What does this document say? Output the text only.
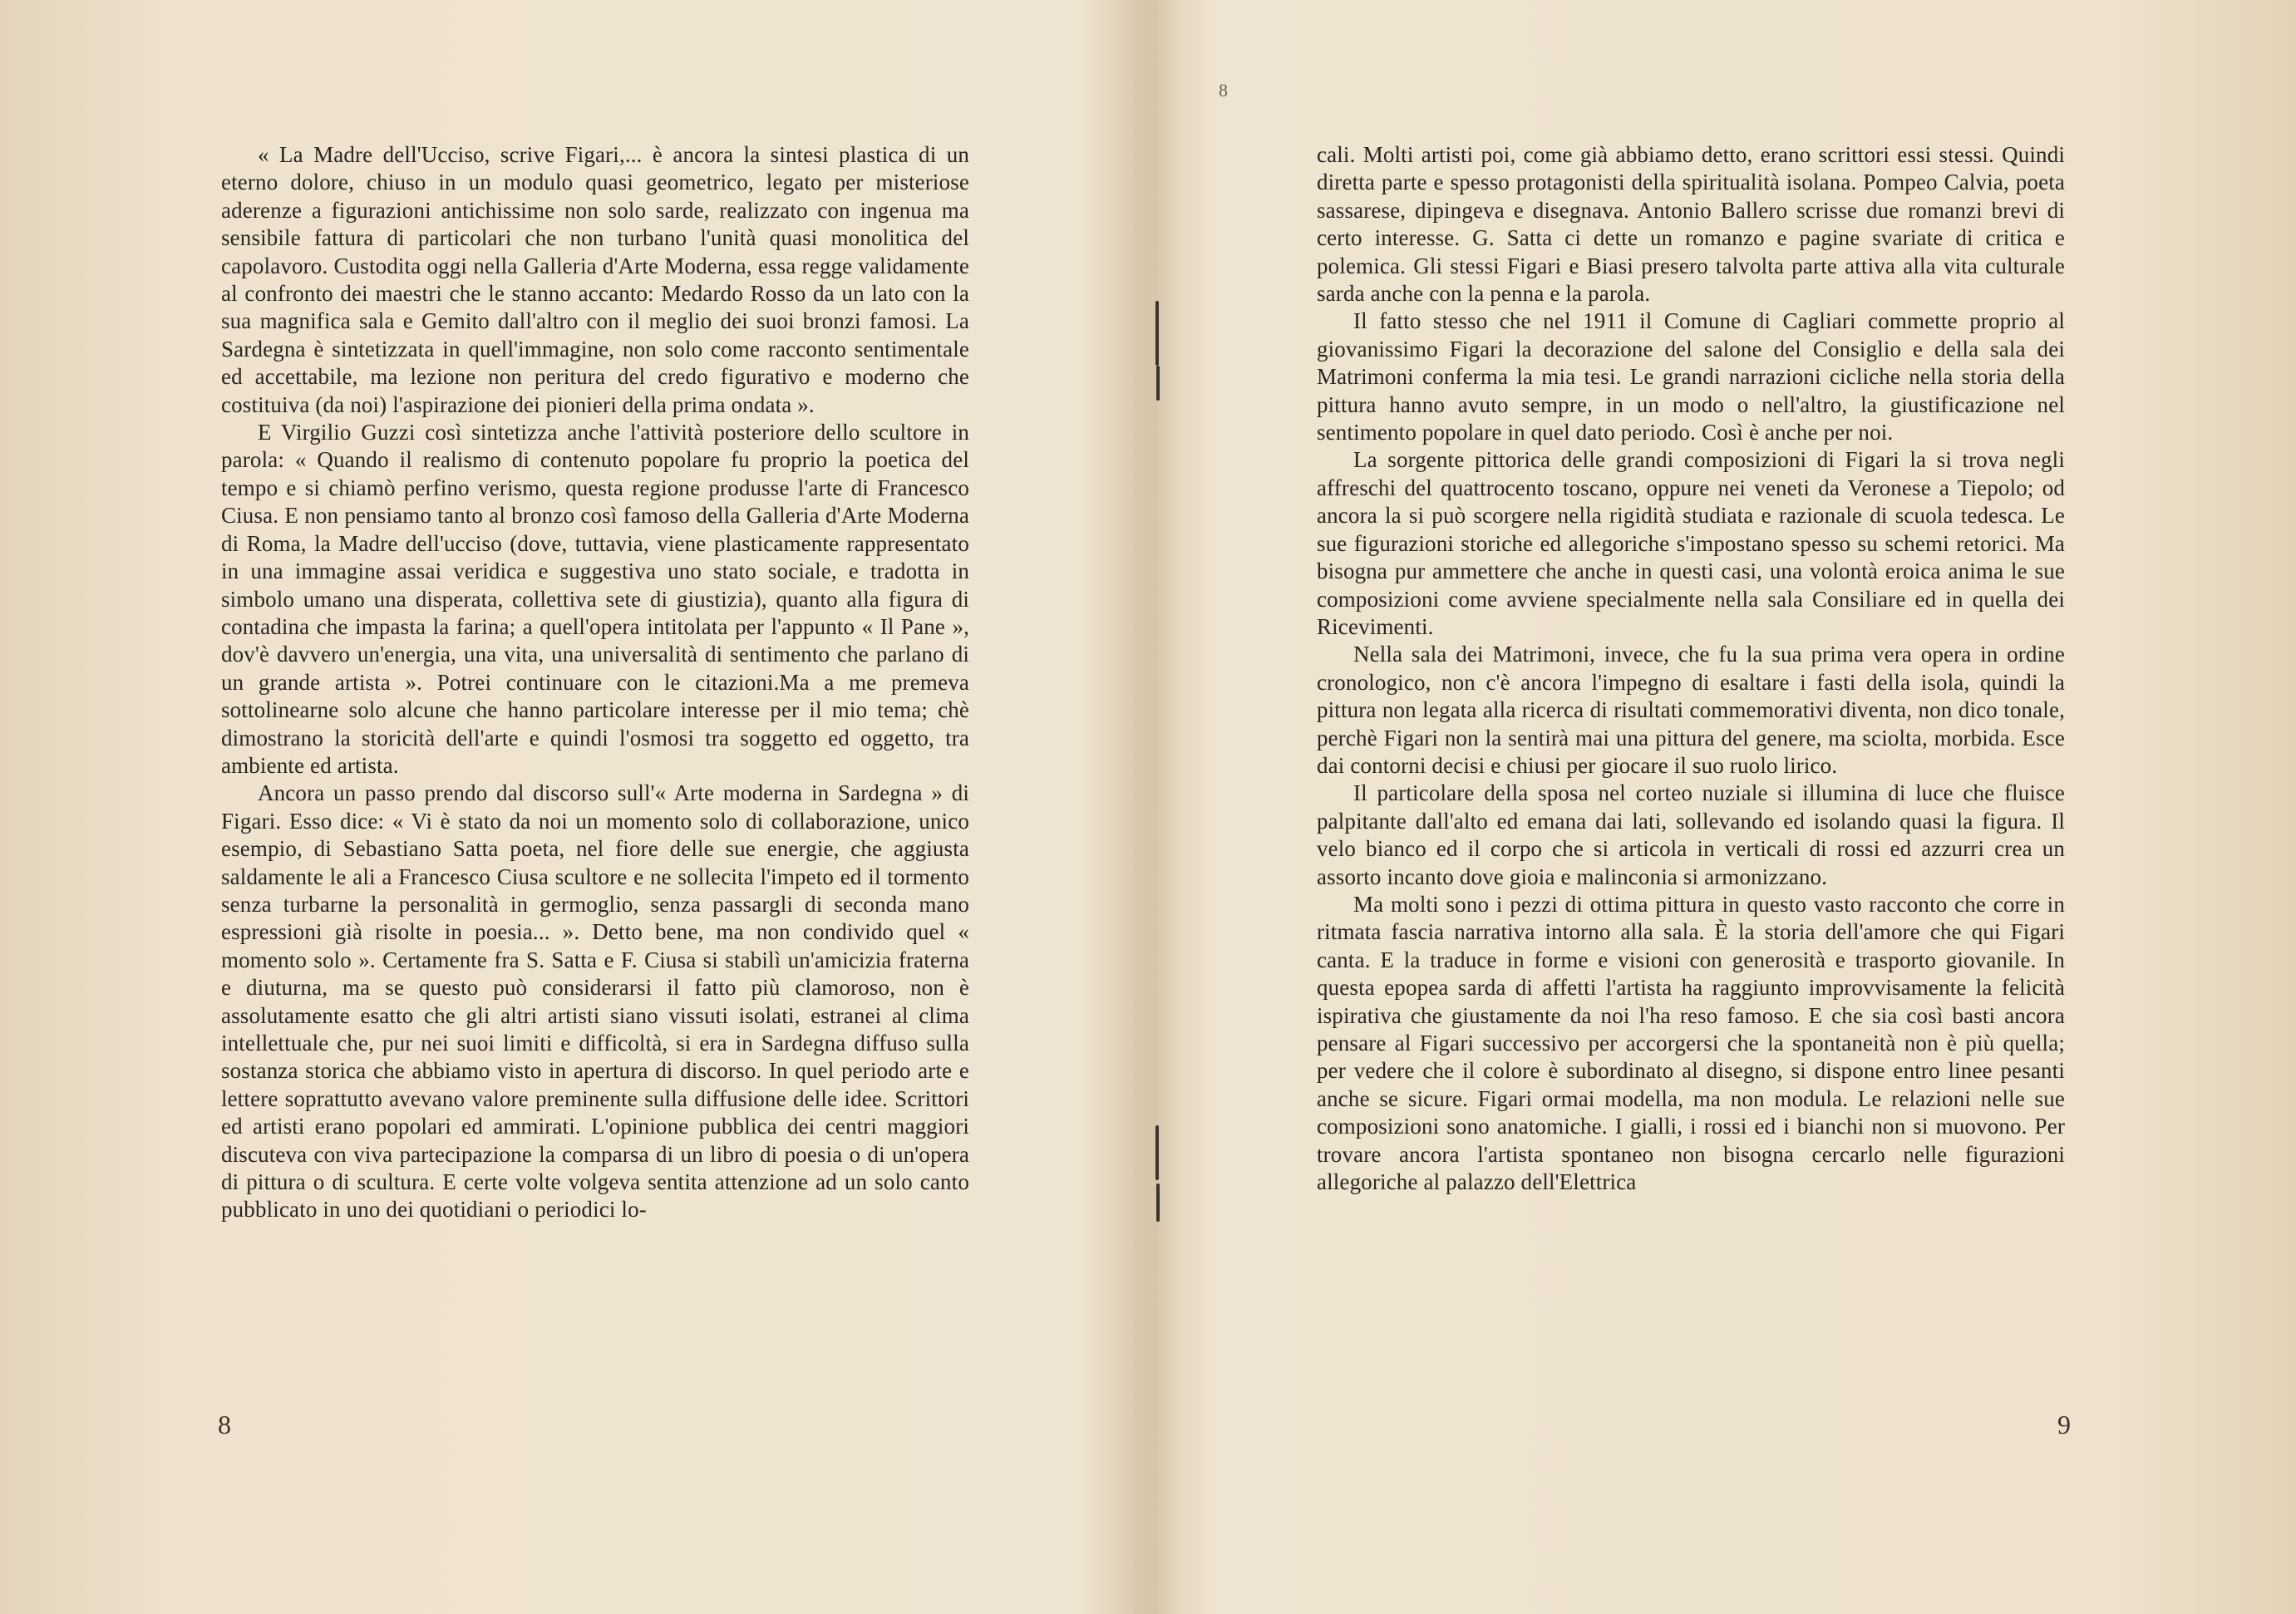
8

« La Madre dell'Ucciso, scrive Figari,... è ancora la sintesi plastica di un eterno dolore, chiuso in un modulo quasi geometrico, legato per misteriose aderenze a figurazioni antichissime non solo sarde, realizzato con ingenua ma sensibile fattura di particolari che non turbano l'unità quasi monolitica del capolavoro. Custodita oggi nella Galleria d'Arte Moderna, essa regge validamente al confronto dei maestri che le stanno accanto: Medardo Rosso da un lato con la sua magnifica sala e Gemito dall'altro con il meglio dei suoi bronzi famosi. La Sardegna è sintetizzata in quell'immagine, non solo come racconto sentimentale ed accettabile, ma lezione non peritura del credo figurativo e moderno che costituiva (da noi) l'aspirazione dei pionieri della prima ondata ».

E Virgilio Guzzi così sintetizza anche l'attività posteriore dello scultore in parola: « Quando il realismo di contenuto popolare fu proprio la poetica del tempo e si chiamò perfino verismo, questa regione produsse l'arte di Francesco Ciusa. E non pensiamo tanto al bronzo così famoso della Galleria d'Arte Moderna di Roma, la Madre dell'ucciso (dove, tuttavia, viene plasticamente rappresentato in una immagine assai veridica e suggestiva uno stato sociale, e tradotta in simbolo umano una disperata, collettiva sete di giustizia), quanto alla figura di contadina che impasta la farina; a quell'opera intitolata per l'appunto « Il Pane », dov'è davvero un'energia, una vita, una universalità di sentimento che parlano di un grande artista ». Potrei continuare con le citazioni.Ma a me premeva sottolinearne solo alcune che hanno particolare interesse per il mio tema; chè dimostrano la storicità dell'arte e quindi l'osmosi tra soggetto ed oggetto, tra ambiente ed artista.

Ancora un passo prendo dal discorso sull'« Arte moderna in Sardegna » di Figari. Esso dice: « Vi è stato da noi un momento solo di collaborazione, unico esempio, di Sebastiano Satta poeta, nel fiore delle sue energie, che aggiusta saldamente le ali a Francesco Ciusa scultore e ne sollecita l'impeto ed il tormento senza turbarne la personalità in germoglio, senza passargli di seconda mano espressioni già risolte in poesia... ». Detto bene, ma non condivido quel « momento solo ». Certamente fra S. Satta e F. Ciusa si stabilì un'amicizia fraterna e diuturna, ma se questo può considerarsi il fatto più clamoroso, non è assolutamente esatto che gli altri artisti siano vissuti isolati, estranei al clima intellettuale che, pur nei suoi limiti e difficoltà, si era in Sardegna diffuso sulla sostanza storica che abbiamo visto in apertura di discorso. In quel periodo arte e lettere soprattutto avevano valore preminente sulla diffusione delle idee. Scrittori ed artisti erano popolari ed ammirati. L'opinione pubblica dei centri maggiori discuteva con viva partecipazione la comparsa di un libro di poesia o di un'opera di pittura o di scultura. E certe volte volgeva sentita attenzione ad un solo canto pubblicato in uno dei quotidiani o periodici lo-

8

cali. Molti artisti poi, come già abbiamo detto, erano scrittori essi stessi. Quindi diretta parte e spesso protagonisti della spiritualità isolana. Pompeo Calvia, poeta sassarese, dipingeva e disegnava. Antonio Ballero scrisse due romanzi brevi di certo interesse. G. Satta ci dette un romanzo e pagine svariate di critica e polemica. Gli stessi Figari e Biasi presero talvolta parte attiva alla vita culturale sarda anche con la penna e la parola.

Il fatto stesso che nel 1911 il Comune di Cagliari commette proprio al giovanissimo Figari la decorazione del salone del Consiglio e della sala dei Matrimoni conferma la mia tesi. Le grandi narrazioni cicliche nella storia della pittura hanno avuto sempre, in un modo o nell'altro, la giustificazione nel sentimento popolare in quel dato periodo. Così è anche per noi.

La sorgente pittorica delle grandi composizioni di Figari la si trova negli affreschi del quattrocento toscano, oppure nei veneti da Veronese a Tiepolo; od ancora la si può scorgere nella rigidità studiata e razionale di scuola tedesca. Le sue figurazioni storiche ed allegoriche s'impostano spesso su schemi retorici. Ma bisogna pur ammettere che anche in questi casi, una volontà eroica anima le sue composizioni come avviene specialmente nella sala Consiliare ed in quella dei Ricevimenti.

Nella sala dei Matrimoni, invece, che fu la sua prima vera opera in ordine cronologico, non c'è ancora l'impegno di esaltare i fasti della isola, quindi la pittura non legata alla ricerca di risultati commemorativi diventa, non dico tonale, perchè Figari non la sentirà mai una pittura del genere, ma sciolta, morbida. Esce dai contorni decisi e chiusi per giocare il suo ruolo lirico.

Il particolare della sposa nel corteo nuziale si illumina di luce che fluisce palpitante dall'alto ed emana dai lati, sollevando ed isolando quasi la figura. Il velo bianco ed il corpo che si articola in verticali di rossi ed azzurri crea un assorto incanto dove gioia e malinconia si armonizzano.

Ma molti sono i pezzi di ottima pittura in questo vasto racconto che corre in ritmata fascia narrativa intorno alla sala. È la storia dell'amore che qui Figari canta. E la traduce in forme e visioni con generosità e trasporto giovanile. In questa epopea sarda di affetti l'artista ha raggiunto improvvisamente la felicità ispirativa che giustamente da noi l'ha reso famoso. E che sia così basti ancora pensare al Figari successivo per accorgersi che la spontaneità non è più quella; per vedere che il colore è subordinato al disegno, si dispone entro linee pesanti anche se sicure. Figari ormai modella, ma non modula. Le relazioni nelle sue composizioni sono anatomiche. I gialli, i rossi ed i bianchi non si muovono. Per trovare ancora l'artista spontaneo non bisogna cercarlo nelle figurazioni allegoriche al palazzo dell'Elettrica

9
